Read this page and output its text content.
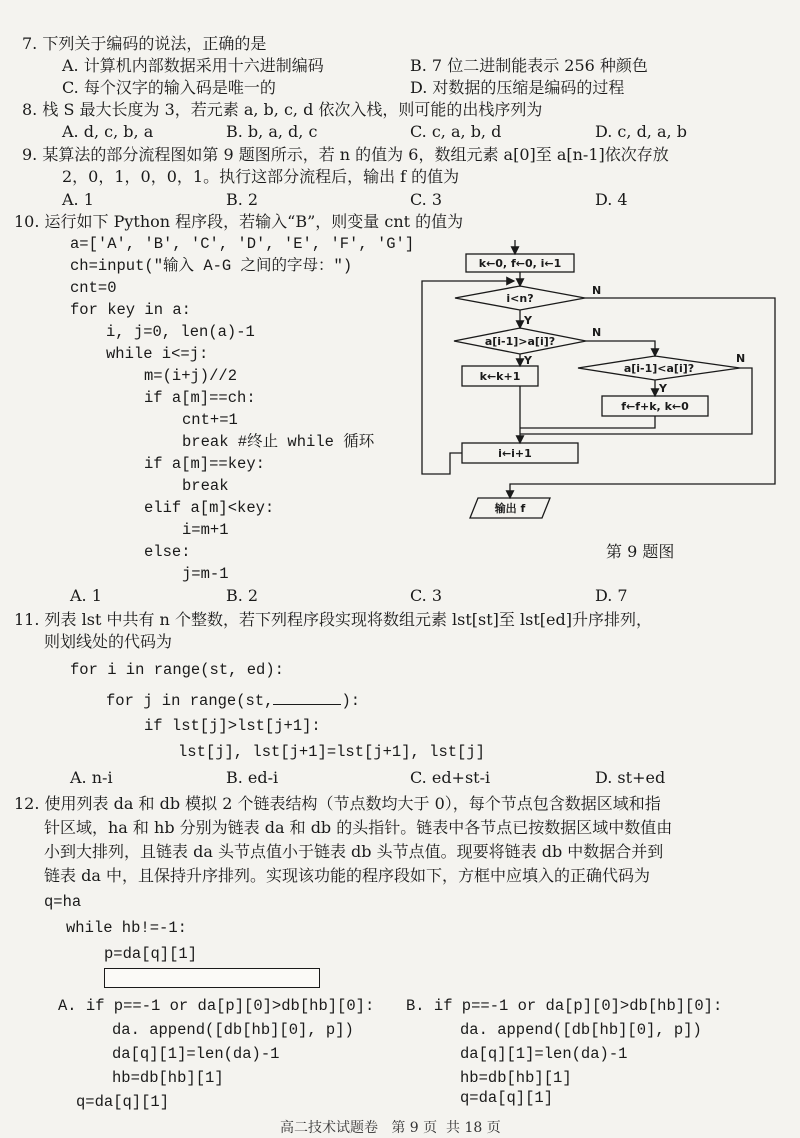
7. 下列关于编码的说法，正确的是
A. 计算机内部数据采用十六进制编码	B. 7 位二进制能表示 256 种颜色
C. 每个汉字的输入码是唯一的	D. 对数据的压缩是编码的过程
8. 栈 S 最大长度为 3，若元素 a, b, c, d 依次入栈，则可能的出栈序列为
A. d, c, b, a	B. b, a, d, c	C. c, a, b, d	D. c, d, a, b
9. 某算法的部分流程图如第 9 题图所示，若 n 的值为 6，数组元素 a[0]至 a[n-1]依次存放
2，0，1，0，0，1。执行这部分流程后，输出 f 的值为
A. 1	B. 2	C. 3	D. 4
10. 运行如下 Python 程序段，若输入“B”，则变量 cnt 的值为
a=['A', 'B', 'C', 'D', 'E', 'F', 'G']
ch=input("输入 A-G 之间的字母：")
cnt=0
for key in a:
i, j=0, len(a)-1
while i<=j:
m=(i+j)//2
if a[m]==ch:
cnt+=1
break #终止 while 循环
if a[m]==key:
break
elif a[m]<key:
i=m+1
else:
j=m-1
A. 1	B. 2	C. 3	D. 7
k←0, f←0, i←1
i<n?
a[i-1]>a[i]?
k←k+1
a[i-1]<a[i]?
f←f+k, k←0
i←i+1
输出 f
Y
Y
Y
N
N
N
第 9 题图
11. 列表 lst 中共有 n 个整数，若下列程序段实现将数组元素 lst[st]至 lst[ed]升序排列，
则划线处的代码为
for i in range(st, ed):
for j in range(st,	):
if lst[j]>lst[j+1]:
lst[j], lst[j+1]=lst[j+1], lst[j]
A. n-i	B. ed-i	C. ed+st-i	D. st+ed
12. 使用列表 da 和 db 模拟 2 个链表结构（节点数均大于 0），每个节点包含数据区域和指
针区域，ha 和 hb 分别为链表 da 和 db 的头指针。链表中各节点已按数据区域中数值由
小到大排列，且链表 da 头节点值小于链表 db 头节点值。现要将链表 db 中数据合并到
链表 da 中，且保持升序排列。实现该功能的程序段如下，方框中应填入的正确代码为
q=ha
while hb!=-1:
p=da[q][1]
A. if p==-1 or da[p][0]>db[hb][0]:
da. append([db[hb][0], p])
da[q][1]=len(da)-1
hb=db[hb][1]
q=da[q][1]
B. if p==-1 or da[p][0]>db[hb][0]:
da. append([db[hb][0], p])
da[q][1]=len(da)-1
hb=db[hb][1]
q=da[q][1]
高二技术试题卷   第 9 页  共 18 页
